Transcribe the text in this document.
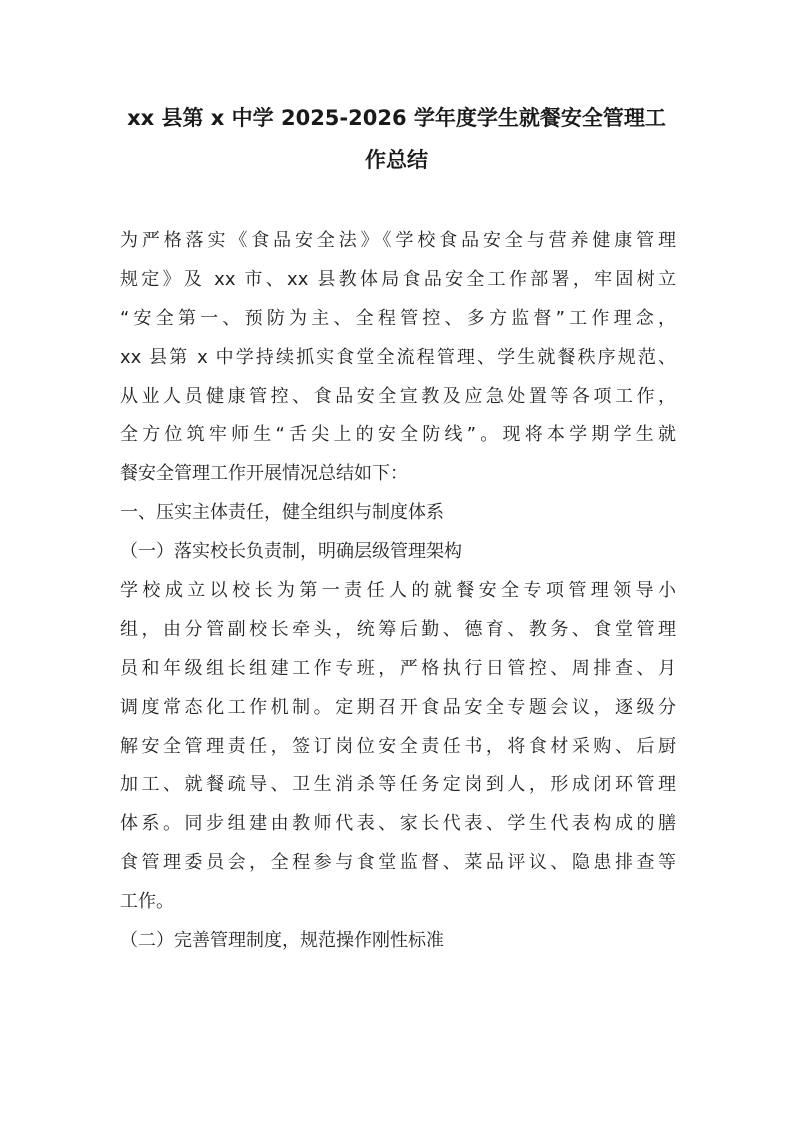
xx 县第 x 中学 2025-2026 学年度学生就餐安全管理工
作总结
为严格落实《食品安全法》《学校食品安全与营养健康管理
规定》及 xx 市、xx 县教体局食品安全工作部署，牢固树立
“安全第一、预防为主、全程管控、多方监督”工作理念，
xx 县第 x 中学持续抓实食堂全流程管理、学生就餐秩序规范、
从业人员健康管控、食品安全宣教及应急处置等各项工作，
全方位筑牢师生“舌尖上的安全防线”。现将本学期学生就
餐安全管理工作开展情况总结如下：
一、压实主体责任，健全组织与制度体系
（一）落实校长负责制，明确层级管理架构
学校成立以校长为第一责任人的就餐安全专项管理领导小
组，由分管副校长牵头，统筹后勤、德育、教务、食堂管理
员和年级组长组建工作专班，严格执行日管控、周排查、月
调度常态化工作机制。定期召开食品安全专题会议，逐级分
解安全管理责任，签订岗位安全责任书，将食材采购、后厨
加工、就餐疏导、卫生消杀等任务定岗到人，形成闭环管理
体系。同步组建由教师代表、家长代表、学生代表构成的膳
食管理委员会，全程参与食堂监督、菜品评议、隐患排查等
工作。
（二）完善管理制度，规范操作刚性标准
